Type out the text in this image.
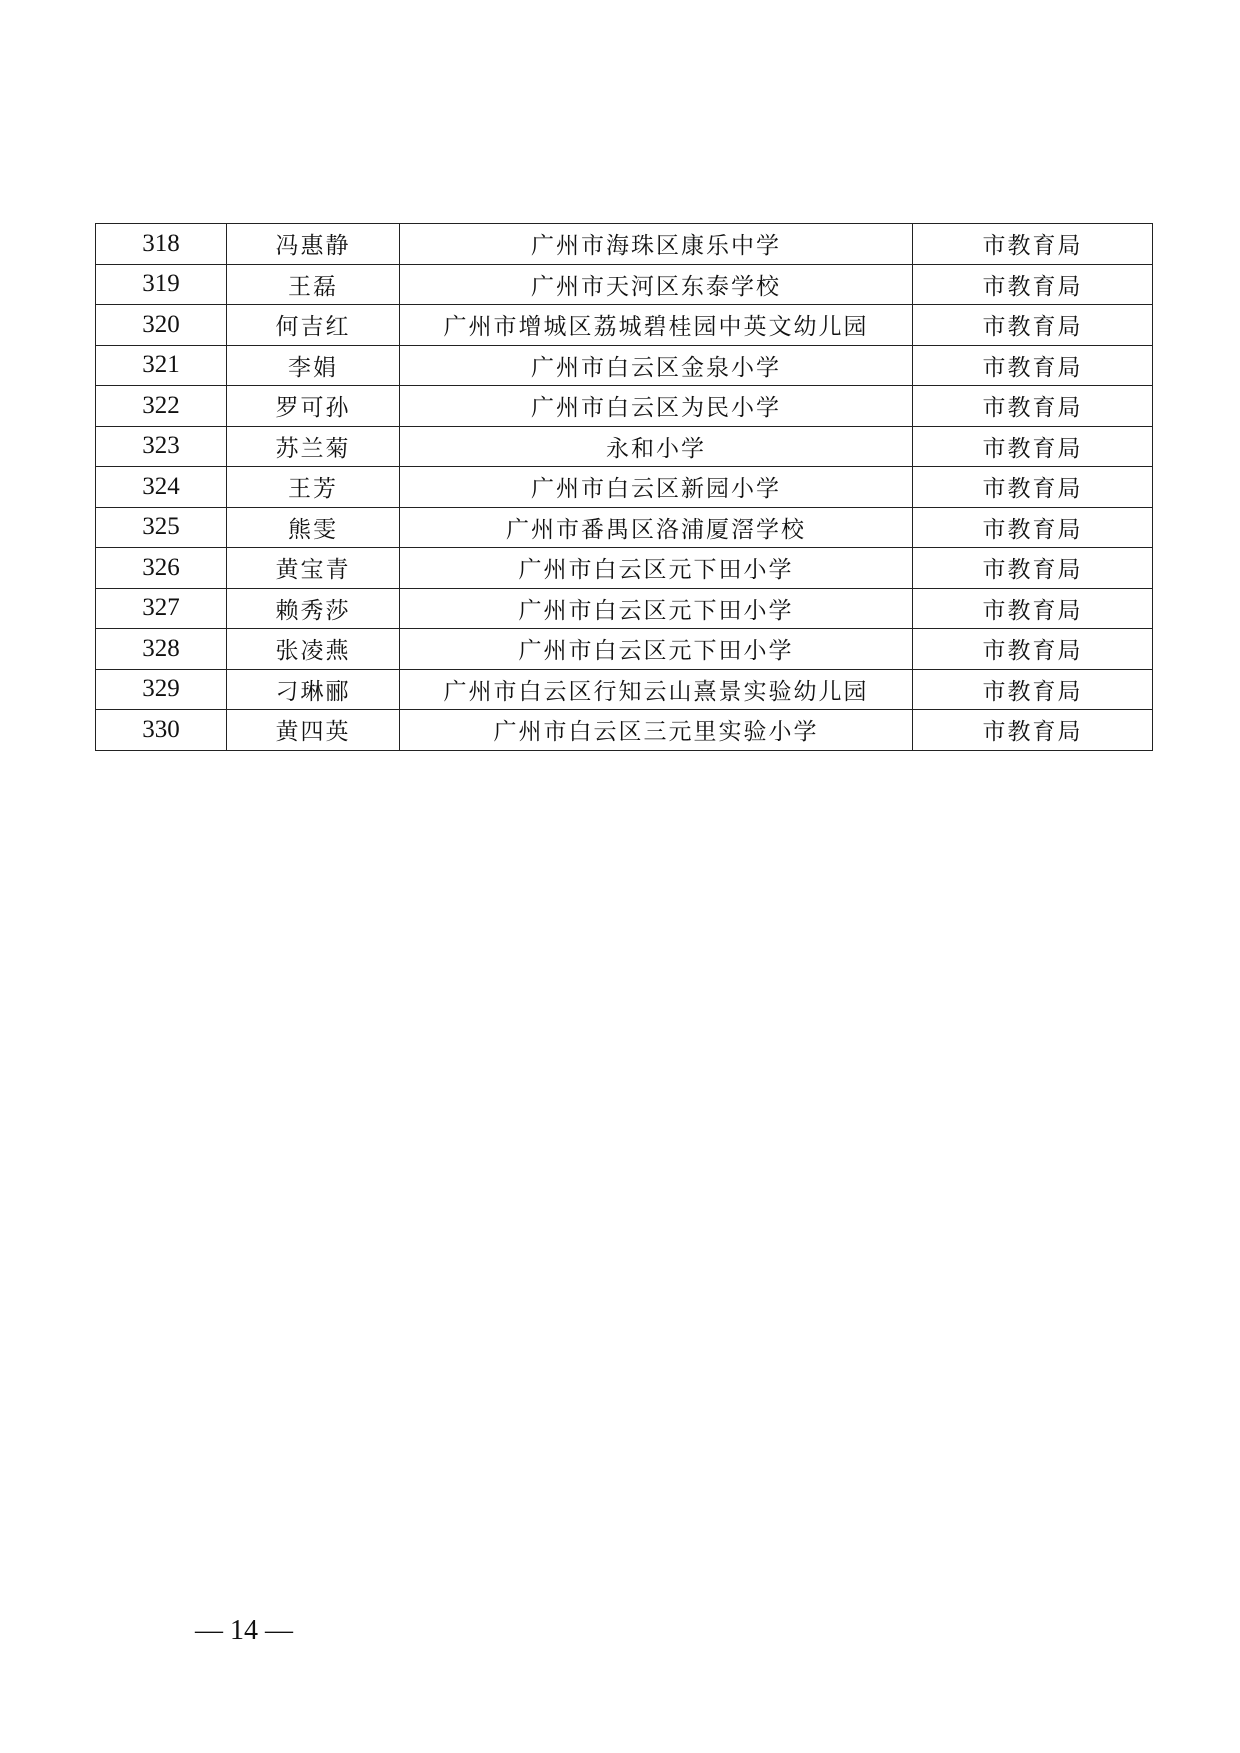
318	冯惠静	广州市海珠区康乐中学	市教育局
319	王磊	广州市天河区东泰学校	市教育局
320	何吉红	广州市增城区荔城碧桂园中英文幼儿园	市教育局
321	李娟	广州市白云区金泉小学	市教育局
322	罗可孙	广州市白云区为民小学	市教育局
323	苏兰菊	永和小学	市教育局
324	王芳	广州市白云区新园小学	市教育局
325	熊雯	广州市番禺区洛浦厦滘学校	市教育局
326	黄宝青	广州市白云区元下田小学	市教育局
327	赖秀莎	广州市白云区元下田小学	市教育局
328	张凌燕	广州市白云区元下田小学	市教育局
329	刁琳郦	广州市白云区行知云山熹景实验幼儿园	市教育局
330	黄四英	广州市白云区三元里实验小学	市教育局
— 14 —
